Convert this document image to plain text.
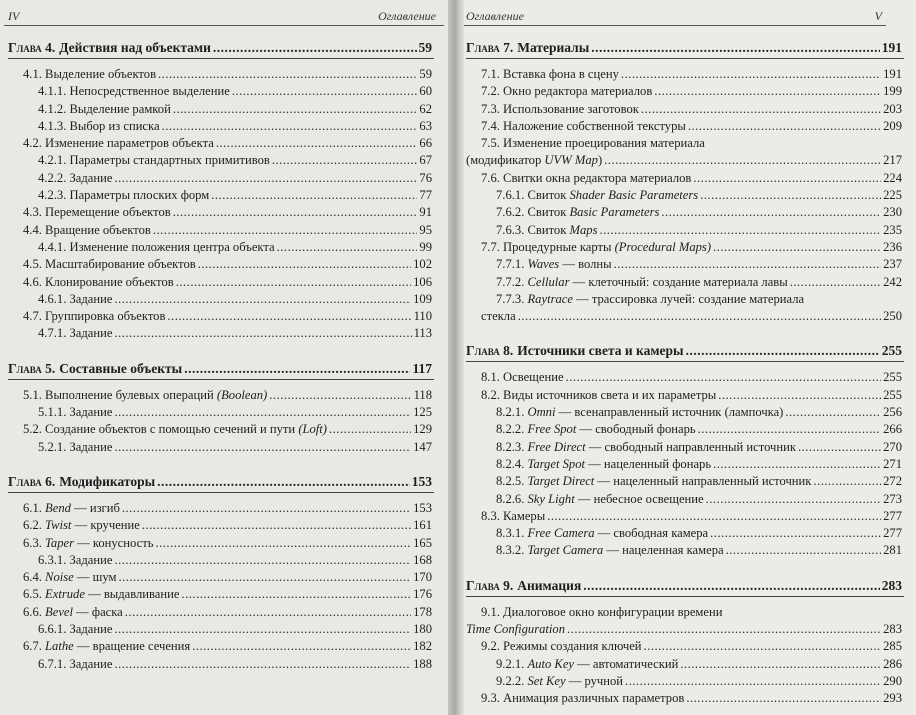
IV	Оглавление
Глава 4. Действия над объектами .....	59
4.1. Выделение объектов .....	59
4.1.1. Непосредственное выделение .....	60
4.1.2. Выделение рамкой .....	62
4.1.3. Выбор из списка .....	63
4.2. Изменение параметров объекта .....	66
4.2.1. Параметры стандартных примитивов .....	67
4.2.2. Задание .....	76
4.2.3. Параметры плоских форм .....	77
4.3. Перемещение объектов .....	91
4.4. Вращение объектов .....	95
4.4.1. Изменение положения центра объекта .....	99
4.5. Масштабирование объектов .....	102
4.6. Клонирование объектов .....	106
4.6.1. Задание .....	109
4.7. Группировка объектов .....	110
4.7.1. Задание .....	113
Глава 5. Составные объекты .....	117
5.1. Выполнение булевых операций (Boolean) .....	118
5.1.1. Задание .....	125
5.2. Создание объектов с помощью сечений и пути (Loft) .....	129
5.2.1. Задание .....	147
Глава 6. Модификаторы .....	153
6.1. Bend — изгиб .....	153
6.2. Twist — кручение .....	161
6.3. Taper — конусность .....	165
6.3.1. Задание .....	168
6.4. Noise — шум .....	170
6.5. Extrude — выдавливание .....	176
6.6. Bevel — фаска .....	178
6.6.1. Задание .....	180
6.7. Lathe — вращение сечения .....	182
6.7.1. Задание .....	188
Оглавление	V
Глава 7. Материалы .....	191
7.1. Вставка фона в сцену .....	191
7.2. Окно редактора материалов .....	199
7.3. Использование заготовок .....	203
7.4. Наложение собственной текстуры .....	209
7.5. Изменение проецирования материала
(модификатор UVW Map) .....	217
7.6. Свитки окна редактора материалов .....	224
7.6.1. Свиток Shader Basic Parameters .....	225
7.6.2. Свиток Basic Parameters .....	230
7.6.3. Свиток Maps .....	235
7.7. Процедурные карты (Procedural Maps) .....	236
7.7.1. Waves — волны .....	237
7.7.2. Cellular — клеточный: создание материала лавы .....	242
7.7.3. Raytrace — трассировка лучей: создание материала
стекла .....	250
Глава 8. Источники света и камеры .....	255
8.1. Освещение .....	255
8.2. Виды источников света и их параметры .....	255
8.2.1. Omni — всенаправленный источник (лампочка) .....	256
8.2.2. Free Spot — свободный фонарь .....	266
8.2.3. Free Direct — свободный направленный источник .....	270
8.2.4. Target Spot — нацеленный фонарь .....	271
8.2.5. Target Direct — нацеленный направленный источник .....	272
8.2.6. Sky Light — небесное освещение .....	273
8.3. Камеры .....	277
8.3.1. Free Camera — свободная камера .....	277
8.3.2. Target Camera — нацеленная камера .....	281
Глава 9. Анимация .....	283
9.1. Диалоговое окно конфигурации времени
Time Configuration .....	283
9.2. Режимы создания ключей .....	285
9.2.1. Auto Key — автоматический .....	286
9.2.2. Set Key — ручной .....	290
9.3. Анимация различных параметров .....	293
